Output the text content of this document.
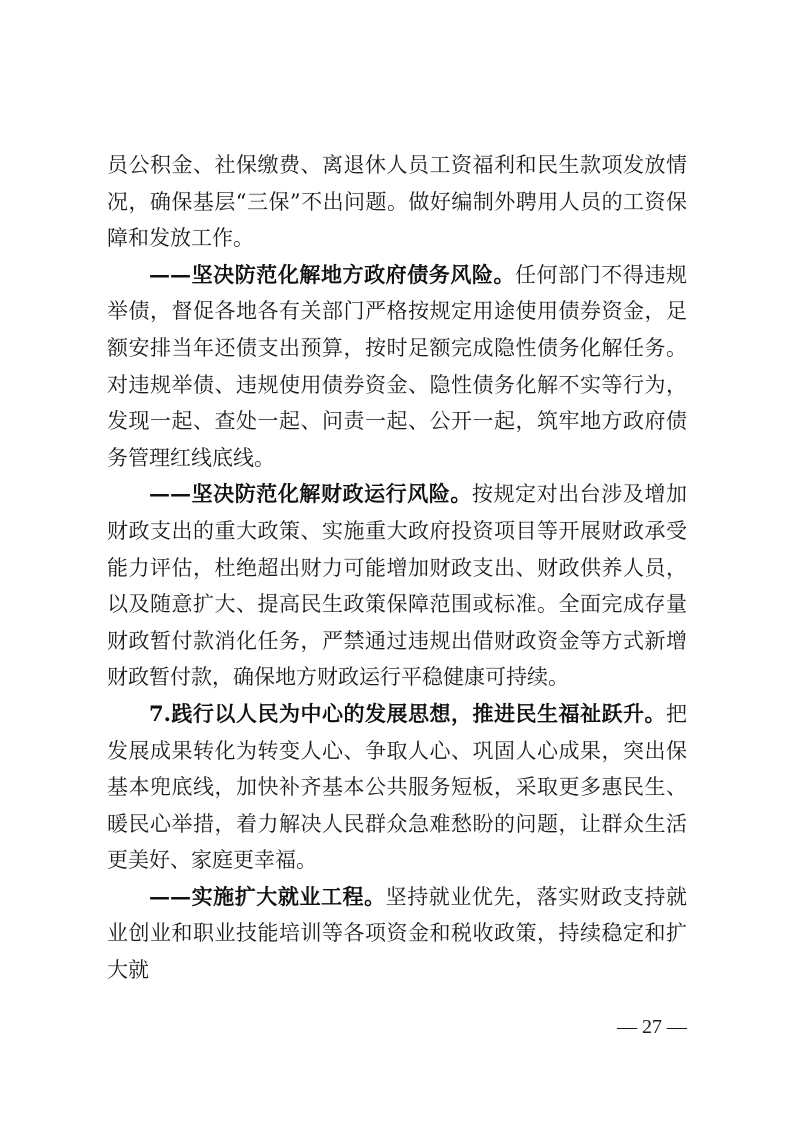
员公积金、社保缴费、离退休人员工资福利和民生款项发放情况，确保基层“三保”不出问题。做好编制外聘用人员的工资保障和发放工作。

——坚决防范化解地方政府债务风险。任何部门不得违规举债，督促各地各有关部门严格按规定用途使用债券资金，足额安排当年还债支出预算，按时足额完成隐性债务化解任务。对违规举债、违规使用债券资金、隐性债务化解不实等行为，发现一起、查处一起、问责一起、公开一起，筑牢地方政府债务管理红线底线。

——坚决防范化解财政运行风险。按规定对出台涉及增加财政支出的重大政策、实施重大政府投资项目等开展财政承受能力评估，杜绝超出财力可能增加财政支出、财政供养人员，以及随意扩大、提高民生政策保障范围或标准。全面完成存量财政暂付款消化任务，严禁通过违规出借财政资金等方式新增财政暂付款，确保地方财政运行平稳健康可持续。

7.践行以人民为中心的发展思想，推进民生福祉跃升。把发展成果转化为转变人心、争取人心、巩固人心成果，突出保基本兜底线，加快补齐基本公共服务短板，采取更多惠民生、暖民心举措，着力解决人民群众急难愁盼的问题，让群众生活更美好、家庭更幸福。

——实施扩大就业工程。坚持就业优先，落实财政支持就业创业和职业技能培训等各项资金和税收政策，持续稳定和扩大就

— 27 —
